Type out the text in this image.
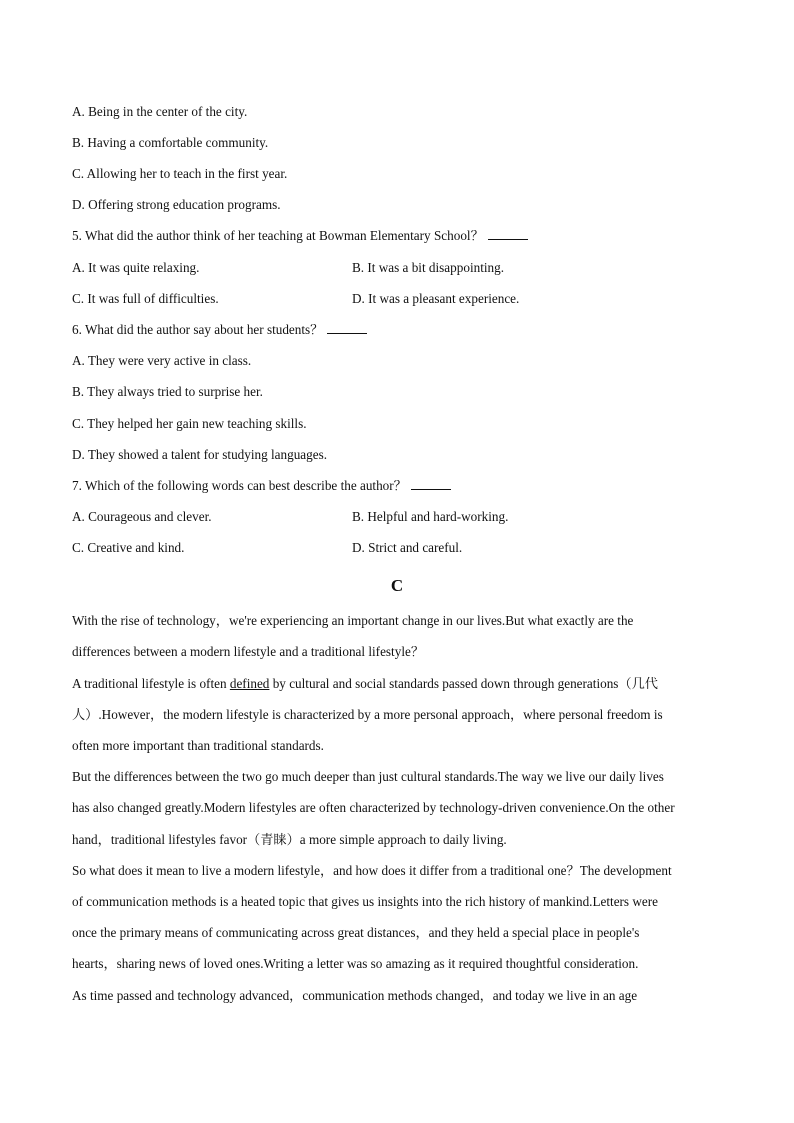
A. Being in the center of the city.
B. Having a comfortable community.
C. Allowing her to teach in the first year.
D. Offering strong education programs.
5. What did the author think of her teaching at Bowman Elementary School？
A. It was quite relaxing.	B. It was a bit disappointing.
C. It was full of difficulties.	D. It was a pleasant experience.
6. What did the author say about her students？
A. They were very active in class.
B. They always tried to surprise her.
C. They helped her gain new teaching skills.
D. They showed a talent for studying languages.
7. Which of the following words can best describe the author？
A. Courageous and clever.	B. Helpful and hard-working.
C. Creative and kind.	D. Strict and careful.
C
With the rise of technology，we're experiencing an important change in our lives.But what exactly are the
differences between a modern lifestyle and a traditional lifestyle？
A traditional lifestyle is often defined by cultural and social standards passed down through generations（几代
人）.However，the modern lifestyle is characterized by a more personal approach，where personal freedom is
often more important than traditional standards.
But the differences between the two go much deeper than just cultural standards.The way we live our daily lives
has also changed greatly.Modern lifestyles are often characterized by technology-driven convenience.On the other
hand，traditional lifestyles favor（青睐）a more simple approach to daily living.
So what does it mean to live a modern lifestyle，and how does it differ from a traditional one？The development
of communication methods is a heated topic that gives us insights into the rich history of mankind.Letters were
once the primary means of communicating across great distances，and they held a special place in people's
hearts，sharing news of loved ones.Writing a letter was so amazing as it required thoughtful consideration.
As time passed and technology advanced，communication methods changed，and today we live in an age
